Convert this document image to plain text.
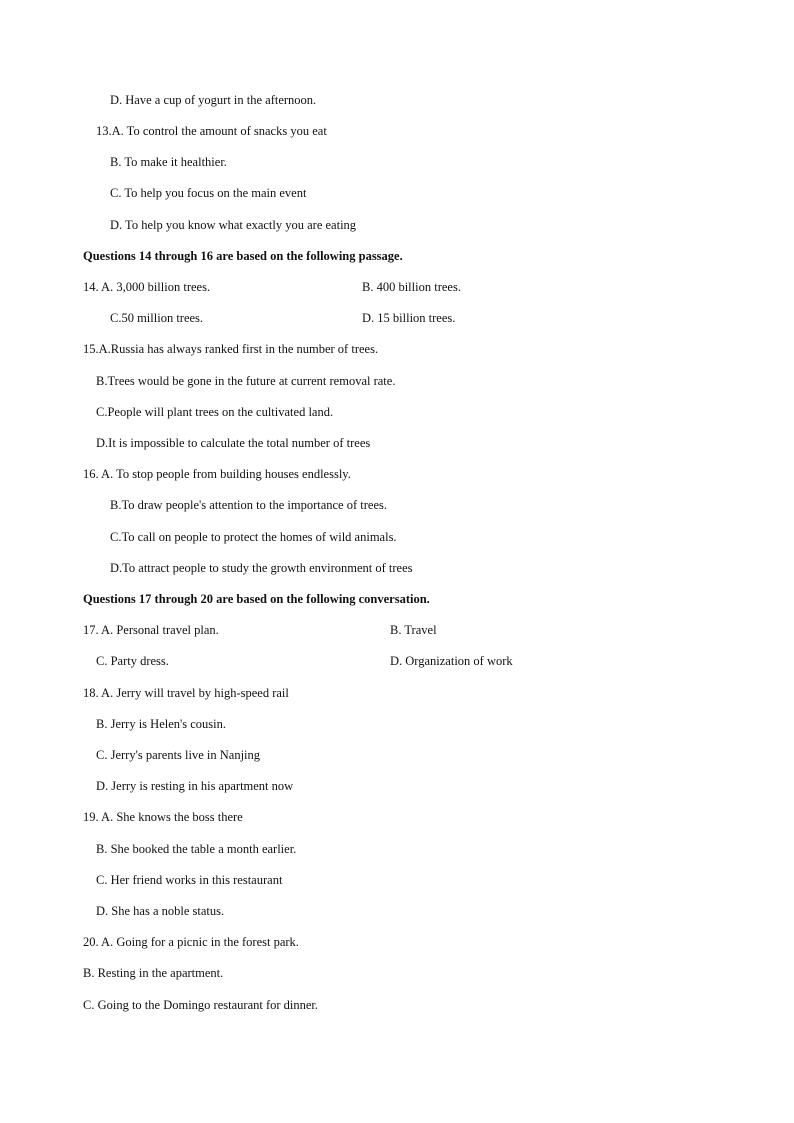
D. Have a cup of yogurt in the afternoon.
13.A. To control the amount of snacks you eat
B. To make it healthier.
C. To help you focus on the main event
D. To help you know what exactly you are eating
Questions 14 through 16 are based on the following passage.
14. A. 3,000 billion trees.	B. 400 billion trees.
C.50 million trees.	D. 15 billion trees.
15.A.Russia has always ranked first in the number of trees.
B.Trees would be gone in the future at current removal rate.
C.People will plant trees on the cultivated land.
D.It is impossible to calculate the total number of trees
16. A. To stop people from building houses endlessly.
B.To draw people's attention to the importance of trees.
C.To call on people to protect the homes of wild animals.
D.To attract people to study the growth environment of trees
Questions 17 through 20 are based on the following conversation.
17. A. Personal travel plan.	B. Travel
C. Party dress.	D. Organization of work
18. A. Jerry will travel by high-speed rail
B. Jerry is Helen's cousin.
C. Jerry's parents live in Nanjing
D. Jerry is resting in his apartment now
19. A. She knows the boss there
B. She booked the table a month earlier.
C. Her friend works in this restaurant
D. She has a noble status.
20. A. Going for a picnic in the forest park.
B. Resting in the apartment.
C. Going to the Domingo restaurant for dinner.
